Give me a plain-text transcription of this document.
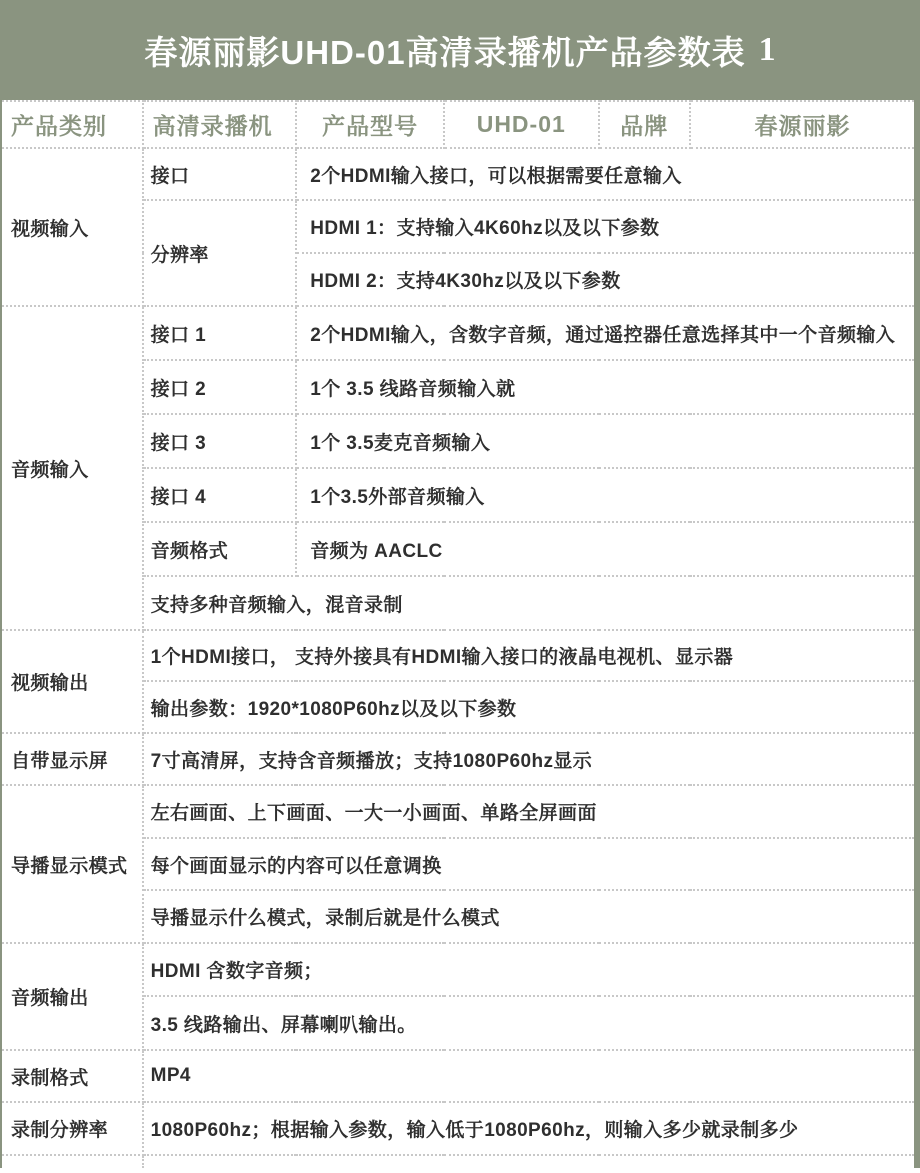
春源丽影UHD-01高清录播机产品参数表 1
产品类别	高清录播机	产品型号	UHD-01	品牌	春源丽影
视频输入	接口	2个HDMI输入接口，可以根据需要任意输入			
	分辨率	HDMI 1：支持输入4K60hz以及以下参数			
		HDMI 2：支持4K30hz以及以下参数			
音频输入	接口 1	2个HDMI输入，含数字音频，通过遥控器任意选择其中一个音频输入			
	接口 2	1个 3.5 线路音频输入就			
	接口 3	1个 3.5麦克音频输入			
	接口 4	1个3.5外部音频输入			
	音频格式	音频为 AACLC			
	支持多种音频输入，混音录制				
视频输出	1个HDMI接口， 支持外接具有HDMI输入接口的液晶电视机、显示器				
	输出参数：1920*1080P60hz以及以下参数				
自带显示屏	7寸高清屏，支持含音频播放；支持1080P60hz显示				
导播显示模式	左右画面、上下画面、一大一小画面、单路全屏画面				
	每个画面显示的内容可以任意调换				
	导播显示什么模式，录制后就是什么模式				
音频输出	HDMI 含数字音频；				
	3.5 线路输出、屏幕喇叭输出。				
录制格式	MP4				
录制分辨率	1080P60hz；根据输入参数，输入低于1080P60hz，则输入多少就录制多少				
